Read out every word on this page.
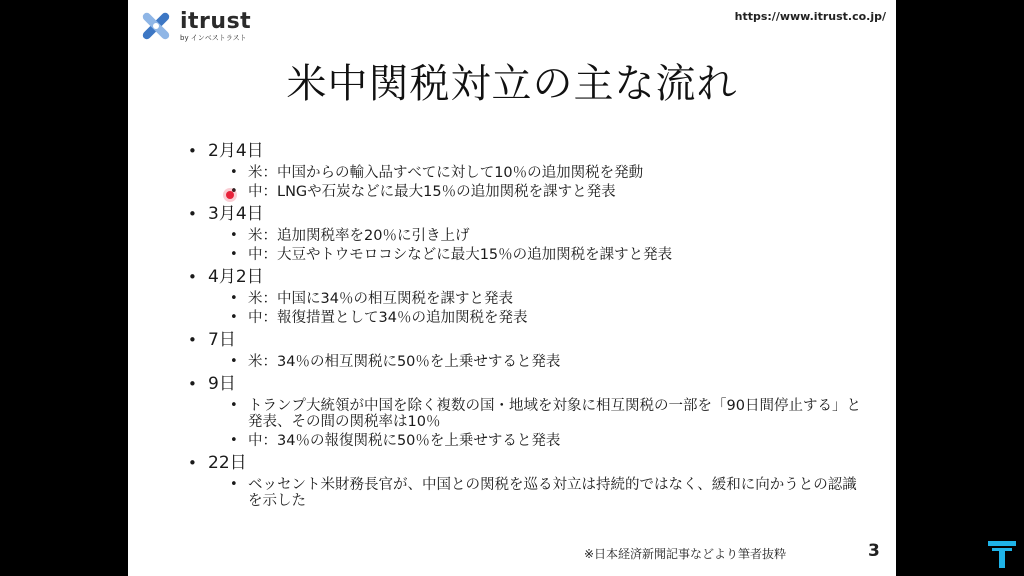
itrust
by インベストラスト
https://www.itrust.co.jp/
米中関税対立の主な流れ
• 2月4日
• 米：中国からの輸入品すべてに対して10％の追加関税を発動
• 中：LNGや石炭などに最大15％の追加関税を課すと発表
• 3月4日
• 米：追加関税率を20％に引き上げ
• 中：大豆やトウモロコシなどに最大15％の追加関税を課すと発表
• 4月2日
• 米：中国に34％の相互関税を課すと発表
• 中：報復措置として34％の追加関税を発表
• 7日
• 米：34％の相互関税に50％を上乗せすると発表
• 9日
• トランプ大統領が中国を除く複数の国・地域を対象に相互関税の一部を「90日間停止する」と発表、その間の関税率は10％
• 中：34％の報復関税に50％を上乗せすると発表
• 22日
• ベッセント米財務長官が、中国との関税を巡る対立は持続的ではなく、緩和に向かうとの認識を示した
※日本経済新聞記事などより筆者抜粋	3
